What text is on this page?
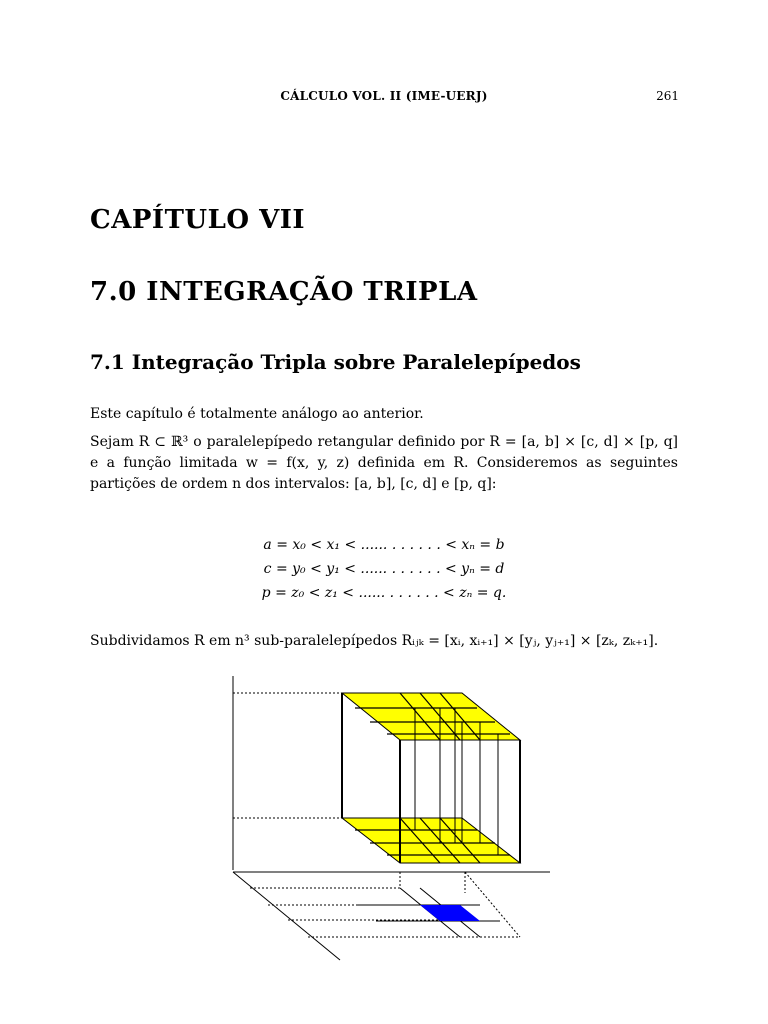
CÁLCULO VOL. II (IME-UERJ)	261
CAPÍTULO VII
7.0 INTEGRAÇÃO TRIPLA
7.1 Integração Tripla sobre Paralelepípedos
Este capítulo é totalmente análogo ao anterior.
Sejam R ⊂ ℝ³ o paralelepípedo retangular definido por R = [a, b] × [c, d] × [p, q] e a função limitada w = f(x, y, z) definida em R. Consideremos as seguintes partições de ordem n dos intervalos: [a, b], [c, d] e [p, q]:
a = x₀ < x₁ < ...... . . . . . . < xₙ = b
c = y₀ < y₁ < ...... . . . . . . < yₙ = d
p = z₀ < z₁ < ...... . . . . . . < zₙ = q.
Subdividamos R em n³ sub-paralelepípedos Rᵢⱼₖ = [xᵢ, xᵢ₊₁] × [yⱼ, yⱼ₊₁] × [zₖ, zₖ₊₁].
